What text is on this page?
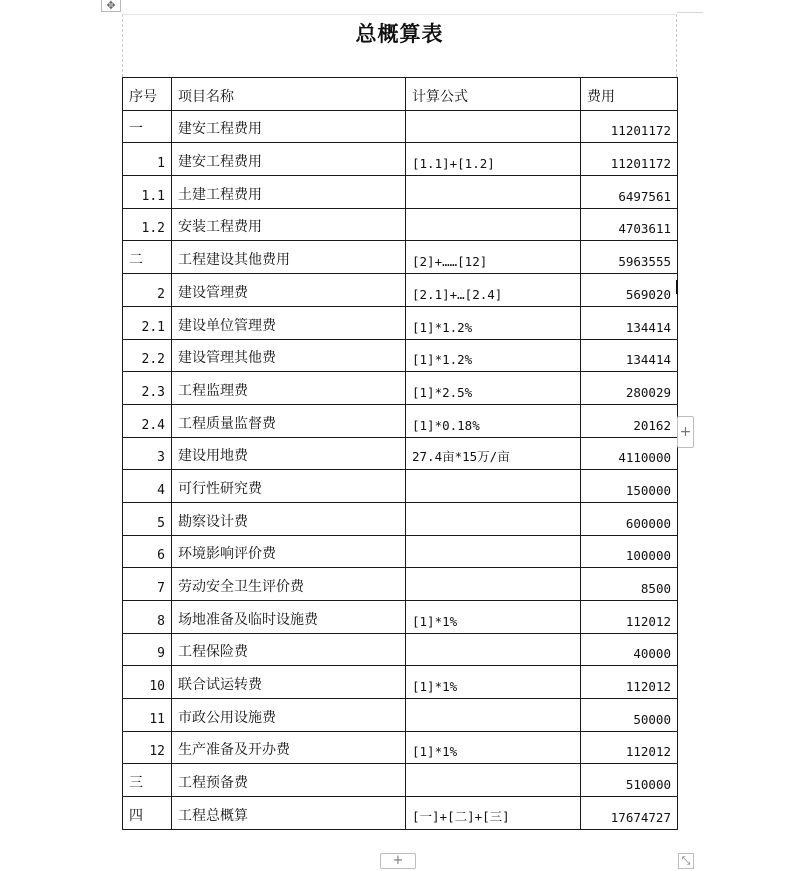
✥
总概算表
序号	项目名称	计算公式	费用
一	建安工程费用		11201172
1	建安工程费用	[1.1]+[1.2]	11201172
1.1	土建工程费用		6497561
1.2	安装工程费用		4703611
二	工程建设其他费用	[2]+……[12]	5963555
2	建设管理费	[2.1]+…[2.4]	569020
2.1	建设单位管理费	[1]*1.2%	134414
2.2	建设管理其他费	[1]*1.2%	134414
2.3	工程监理费	[1]*2.5%	280029
2.4	工程质量监督费	[1]*0.18%	20162
3	建设用地费	27.4亩*15万/亩	4110000
4	可行性研究费		150000
5	勘察设计费		600000
6	环境影响评价费		100000
7	劳动安全卫生评价费		8500
8	场地准备及临时设施费	[1]*1%	112012
9	工程保险费		40000
10	联合试运转费	[1]*1%	112012
11	市政公用设施费		50000
12	生产准备及开办费	[1]*1%	112012
三	工程预备费		510000
四	工程总概算	[一]+[二]+[三]	17674727
+
+	⤡
